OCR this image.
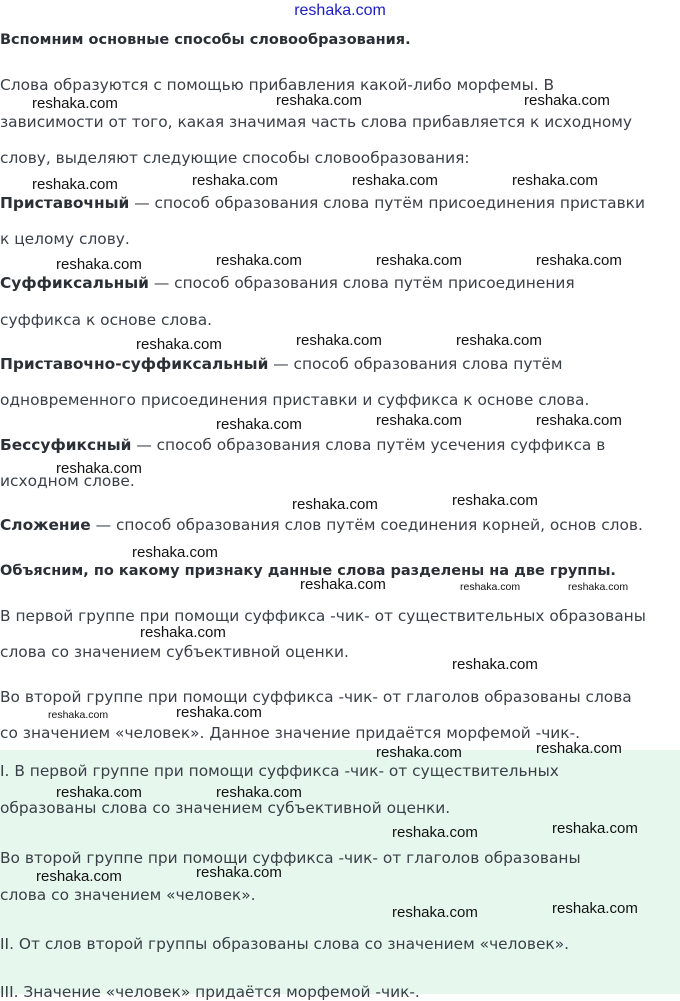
reshaka.com
Вспомним основные способы словообразования.
Слова образуются с помощью прибавления какой-либо морфемы. В
зависимости от того, какая значимая часть слова прибавляется к исходному
слову, выделяют следующие способы словообразования:
Приставочный — способ образования слова путём присоединения приставки
к целому слову.
Суффиксальный — способ образования слова путём присоединения
суффикса к основе слова.
Приставочно-суффиксальный — способ образования слова путём
одновременного присоединения приставки и суффикса к основе слова.
Бессуфиксный — способ образования слова путём усечения суффикса в
исходном слове.
Сложение — способ образования слов путём соединения корней, основ слов.
Объясним, по какому признаку данные слова разделены на две группы.
В первой группе при помощи суффикса -чик- от существительных образованы
слова со значением субъективной оценки.
Во второй группе при помощи суффикса -чик- от глаголов образованы слова
со значением «человек». Данное значение придаётся морфемой -чик-.
I. В первой группе при помощи суффикса -чик- от существительных
образованы слова со значением субъективной оценки.
Во второй группе при помощи суффикса -чик- от глаголов образованы
слова со значением «человек».
II. От слов второй группы образованы слова со значением «человек».
III. Значение «человек» придаётся морфемой -чик-.
reshaka.com	reshaka.com	reshaka.com
reshaka.com	reshaka.com	reshaka.com	reshaka.com
reshaka.com	reshaka.com	reshaka.com	reshaka.com
reshaka.com	reshaka.com	reshaka.com
reshaka.com	reshaka.com	reshaka.com
reshaka.com
reshaka.com	reshaka.com
reshaka.com
reshaka.com	reshaka.com	reshaka.com
reshaka.com
reshaka.com
reshaka.com	reshaka.com
reshaka.com	reshaka.com
reshaka.com	reshaka.com
reshaka.com	reshaka.com
reshaka.com	reshaka.com
reshaka.com	reshaka.com
